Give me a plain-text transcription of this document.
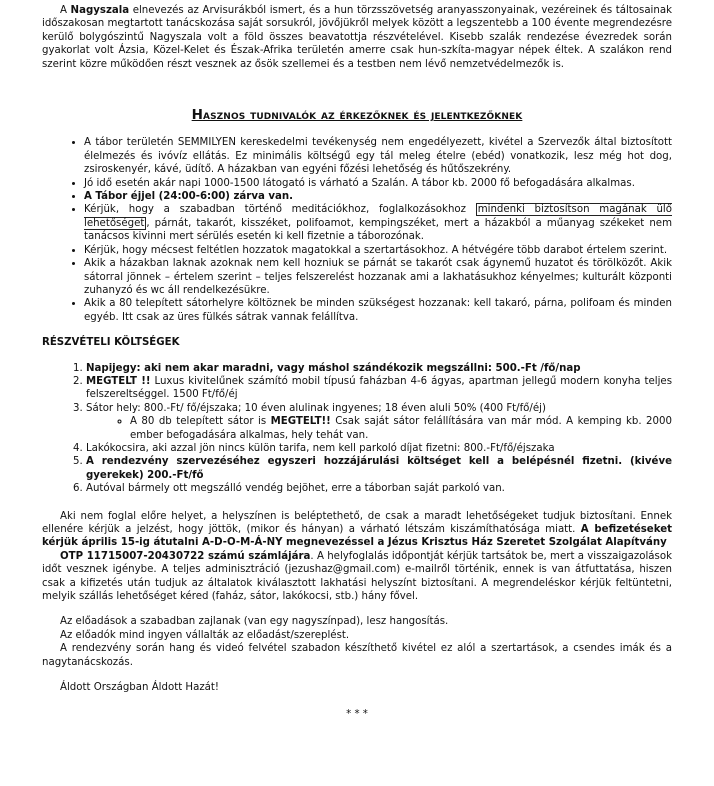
A Nagyszala elnevezés az Arvisurákból ismert, és a hun törzsszövetség aranyasszonyainak, vezéreinek és táltosainak időszakosan megtartott tanácskozása saját sorsukról, jövőjükről melyek között a legszentebb a 100 évente megrendezésre kerülő bolygószintű Nagyszala volt a föld összes beavatottja részvételével. Kisebb szalák rendezése évezredek során gyakorlat volt Ázsia, Közel-Kelet és Észak-Afrika területén amerre csak hun-szkíta-magyar népek éltek. A szalákon rend szerint közre működően részt vesznek az ősök szellemei és a testben nem lévő nemzetvédelmezők is.

Hasznos tudnivalók az érkezőknek és jelentkezőknek
• A tábor területén SEMMILYEN kereskedelmi tevékenység nem engedélyezett, kivétel a Szervezők által biztosított élelmezés és ivóvíz ellátás. Ez minimális költségű egy tál meleg ételre (ebéd) vonatkozik, lesz még hot dog, zsiroskenyér, kávé, üdítő. A házakban van egyéni főzési lehetőség és hűtőszekrény.
• Jó idő esetén akár napi 1000-1500 látogató is várható a Szalán. A tábor kb. 2000 fő befogadására alkalmas.
• A Tábor éjjel (24:00-6:00) zárva van.
• Kérjük, hogy a szabadban történő meditációkhoz, foglalkozásokhoz mindenki biztosítson magának ülő lehetőséget , párnát, takarót, kisszéket, polifoamot, kempingszéket, mert a házakból a műanyag székeket nem tanácsos kivinni mert sérülés esetén ki kell fizetnie a táborozónak.
• Kérjük, hogy mécsest feltétlen hozzatok magatokkal a szertartásokhoz. A hétvégére több darabot értelem szerint.
• Akik a házakban laknak azoknak nem kell hozniuk se párnát se takarót csak ágynemű huzatot és törölközőt. Akik sátorral jönnek – értelem szerint – teljes felszerelést hozzanak ami a lakhatásukhoz kényelmes; kulturált központi zuhanyzó és wc áll rendelkezésükre.
• Akik a 80 telepített sátorhelyre költöznek be minden szükségest hozzanak: kell takaró, párna, polifoam és minden egyéb. Itt csak az üres fülkés sátrak vannak felállítva.
RÉSZVÉTELI KÖLTSÉGEK
1. Napijegy: aki nem akar maradni, vagy máshol szándékozik megszállni: 500.-Ft /fő/nap
2. MEGTELT !! Luxus kivitelűnek számító mobil típusú faházban 4-6 ágyas, apartman jellegű modern konyha teljes felszereltséggel. 1500 Ft/fő/éj
3. Sátor hely: 800.-Ft/ fő/éjszaka; 10 éven alulinak ingyenes; 18 éven aluli 50% (400 Ft/fő/éj)
◦ A 80 db telepített sátor is MEGTELT!! Csak saját sátor felállítására van már mód. A kemping kb. 2000 ember befogadására alkalmas, hely tehát van.
4. Lakókocsira, aki azzal jön nincs külön tarifa, nem kell parkoló díjat fizetni: 800.-Ft/fő/éjszaka
5. A rendezvény szervezéséhez egyszeri hozzájárulási költséget kell a belépésnél fizetni. (kivéve gyerekek) 200.-Ft/fő
6. Autóval bármely ott megszálló vendég bejöhet, erre a táborban saját parkoló van.

Aki nem foglal előre helyet, a helyszínen is beléptethető, de csak a maradt lehetőségeket tudjuk biztosítani. Ennek ellenére kérjük a jelzést, hogy jöttök, (mikor és hányan) a várható létszám kiszámíthatósága miatt. A befizetéseket kérjük április 15-ig átutalni A-D-O-M-Á-NY megnevezéssel a Jézus Krisztus Ház Szeretet Szolgálat Alapítvány
OTP 11715007-20430722 számú számlájára. A helyfoglalás időpontját kérjük tartsátok be, mert a visszaigazolások időt vesznek igénybe. A teljes adminisztráció (jezushaz@gmail.com) e-mailről történik, ennek is van átfuttatása, hiszen csak a kifizetés után tudjuk az általatok kiválasztott lakhatási helyszínt biztosítani. A megrendeléskor kérjük feltüntetni, melyik szállás lehetőséget kéred (faház, sátor, lakókocsi, stb.) hány fővel.

Az előadások a szabadban zajlanak (van egy nagyszínpad), lesz hangosítás.

Az előadók mind ingyen vállalták az előadást/szereplést.

A rendezvény során hang és videó felvétel szabadon készíthető kivétel ez alól a szertartások, a csendes imák és a nagytanácskozás.

Áldott Országban Áldott Hazát!

* * *
